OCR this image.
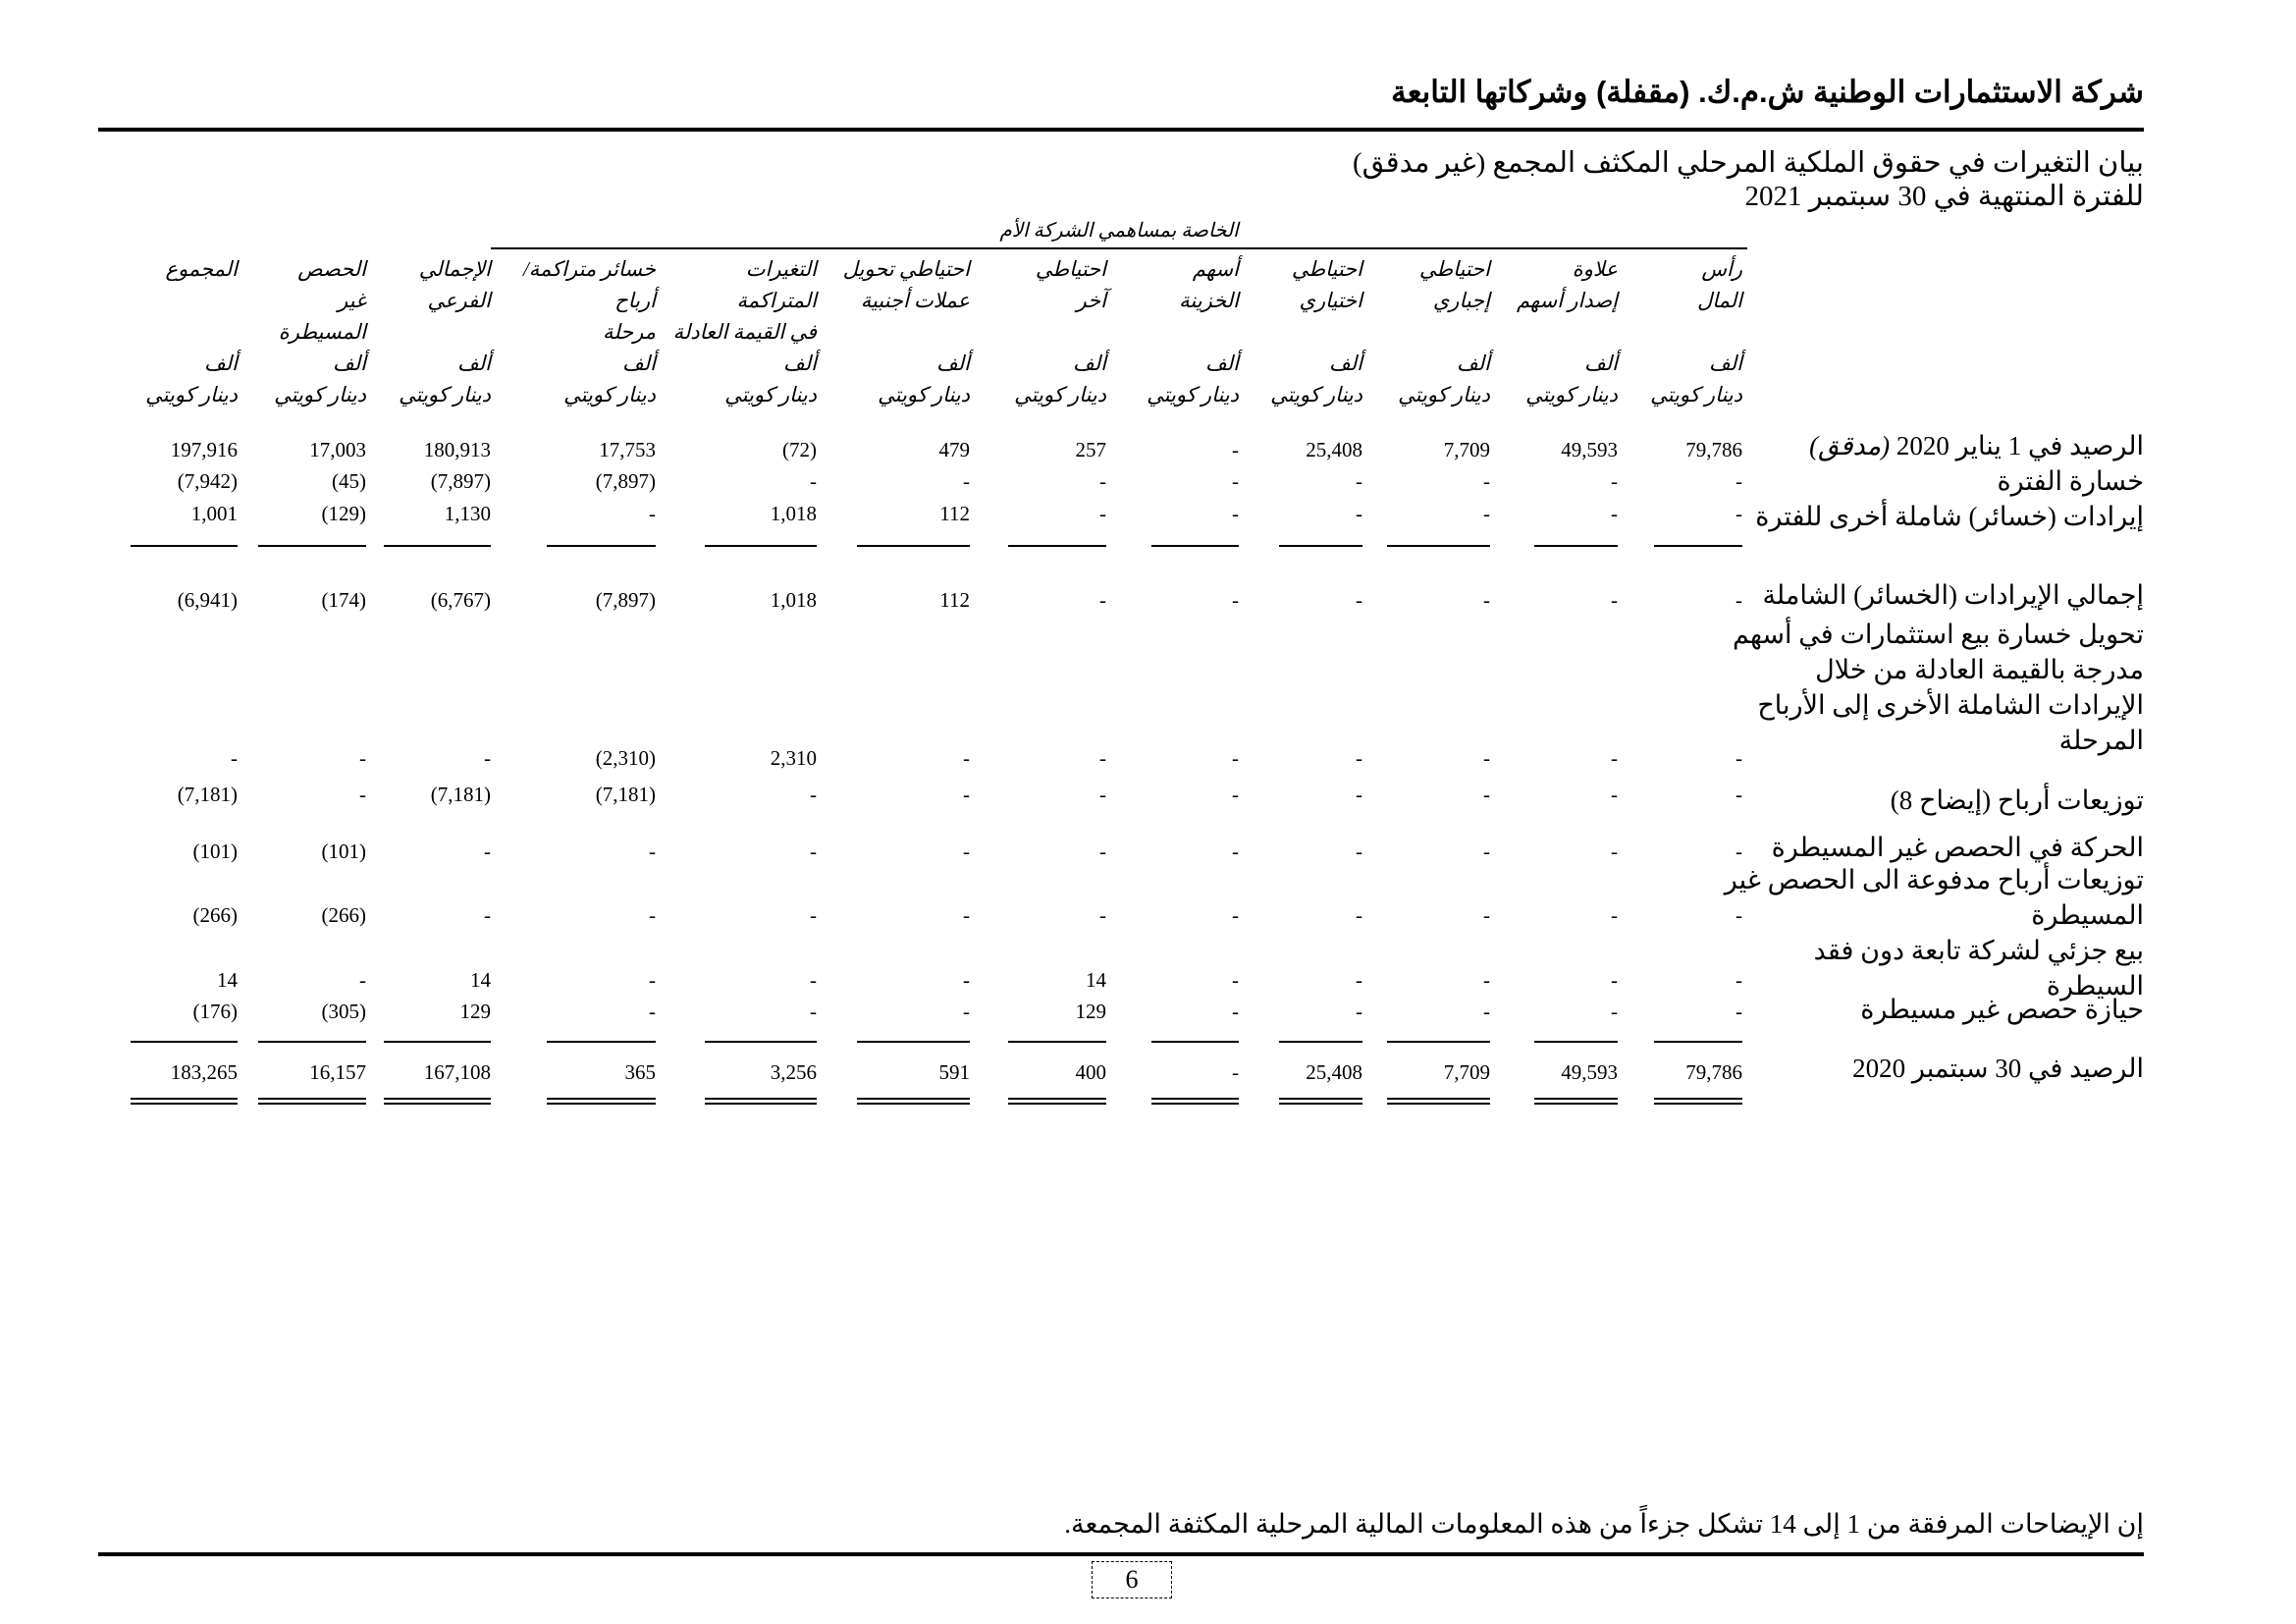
شركة الاستثمارات الوطنية ش.م.ك. (مقفلة) وشركاتها التابعة
بيان التغيرات في حقوق الملكية المرحلي المكثف المجمع (غير مدقق)
للفترة المنتهية في 30 سبتمبر 2021
الخاصة بمساهمي الشركة الأم
رأس
المال
ألف
دينار كويتي
علاوة
إصدار أسهم
ألف
دينار كويتي
احتياطي
إجباري
ألف
دينار كويتي
احتياطي
اختياري
ألف
دينار كويتي
أسهم
الخزينة
ألف
دينار كويتي
احتياطي
آخر
ألف
دينار كويتي
احتياطي تحويل
عملات أجنبية
ألف
دينار كويتي
التغيرات
المتراكمة
في القيمة العادلة
ألف
دينار كويتي
خسائر متراكمة/
أرباح
مرحلة
ألف
دينار كويتي
الإجمالي
الفرعي
ألف
دينار كويتي
الحصص
غير
المسيطرة
ألف
دينار كويتي
المجموع
ألف
دينار كويتي
الرصيد في 1 يناير 2020 (مدقق)
79,786
49,593
7,709
25,408
-
257
479
(72)
17,753
180,913
17,003
197,916
خسارة الفترة
-
-
-
-
-
-
-
-
(7,897)
(7,897)
(45)
(7,942)
إيرادات (خسائر) شاملة أخرى للفترة
-
-
-
-
-
-
112
1,018
-
1,130
(129)
1,001
إجمالي الإيرادات (الخسائر) الشاملة
-
-
-
-
-
-
112
1,018
(7,897)
(6,767)
(174)
(6,941)
تحويل خسارة بيع استثمارات في أسهم مدرجة بالقيمة العادلة من خلال الإيرادات الشاملة الأخرى إلى الأرباح المرحلة
-
-
-
-
-
-
-
2,310
(2,310)
-
-
-
توزيعات أرباح (إيضاح 8)
-
-
-
-
-
-
-
-
(7,181)
(7,181)
-
(7,181)
الحركة في الحصص غير المسيطرة
-
-
-
-
-
-
-
-
-
-
(101)
(101)
توزيعات أرباح مدفوعة الى الحصص غير المسيطرة
-
-
-
-
-
-
-
-
-
-
(266)
(266)
بيع جزئي لشركة تابعة دون فقد السيطرة
-
-
-
-
-
14
-
-
-
14
-
14
حيازة حصص غير مسيطرة
-
-
-
-
-
129
-
-
-
129
(305)
(176)
الرصيد في 30 سبتمبر 2020
79,786
49,593
7,709
25,408
-
400
591
3,256
365
167,108
16,157
183,265
إن الإيضاحات المرفقة من 1 إلى 14 تشكل جزءاً من هذه المعلومات المالية المرحلية المكثفة المجمعة.
6
